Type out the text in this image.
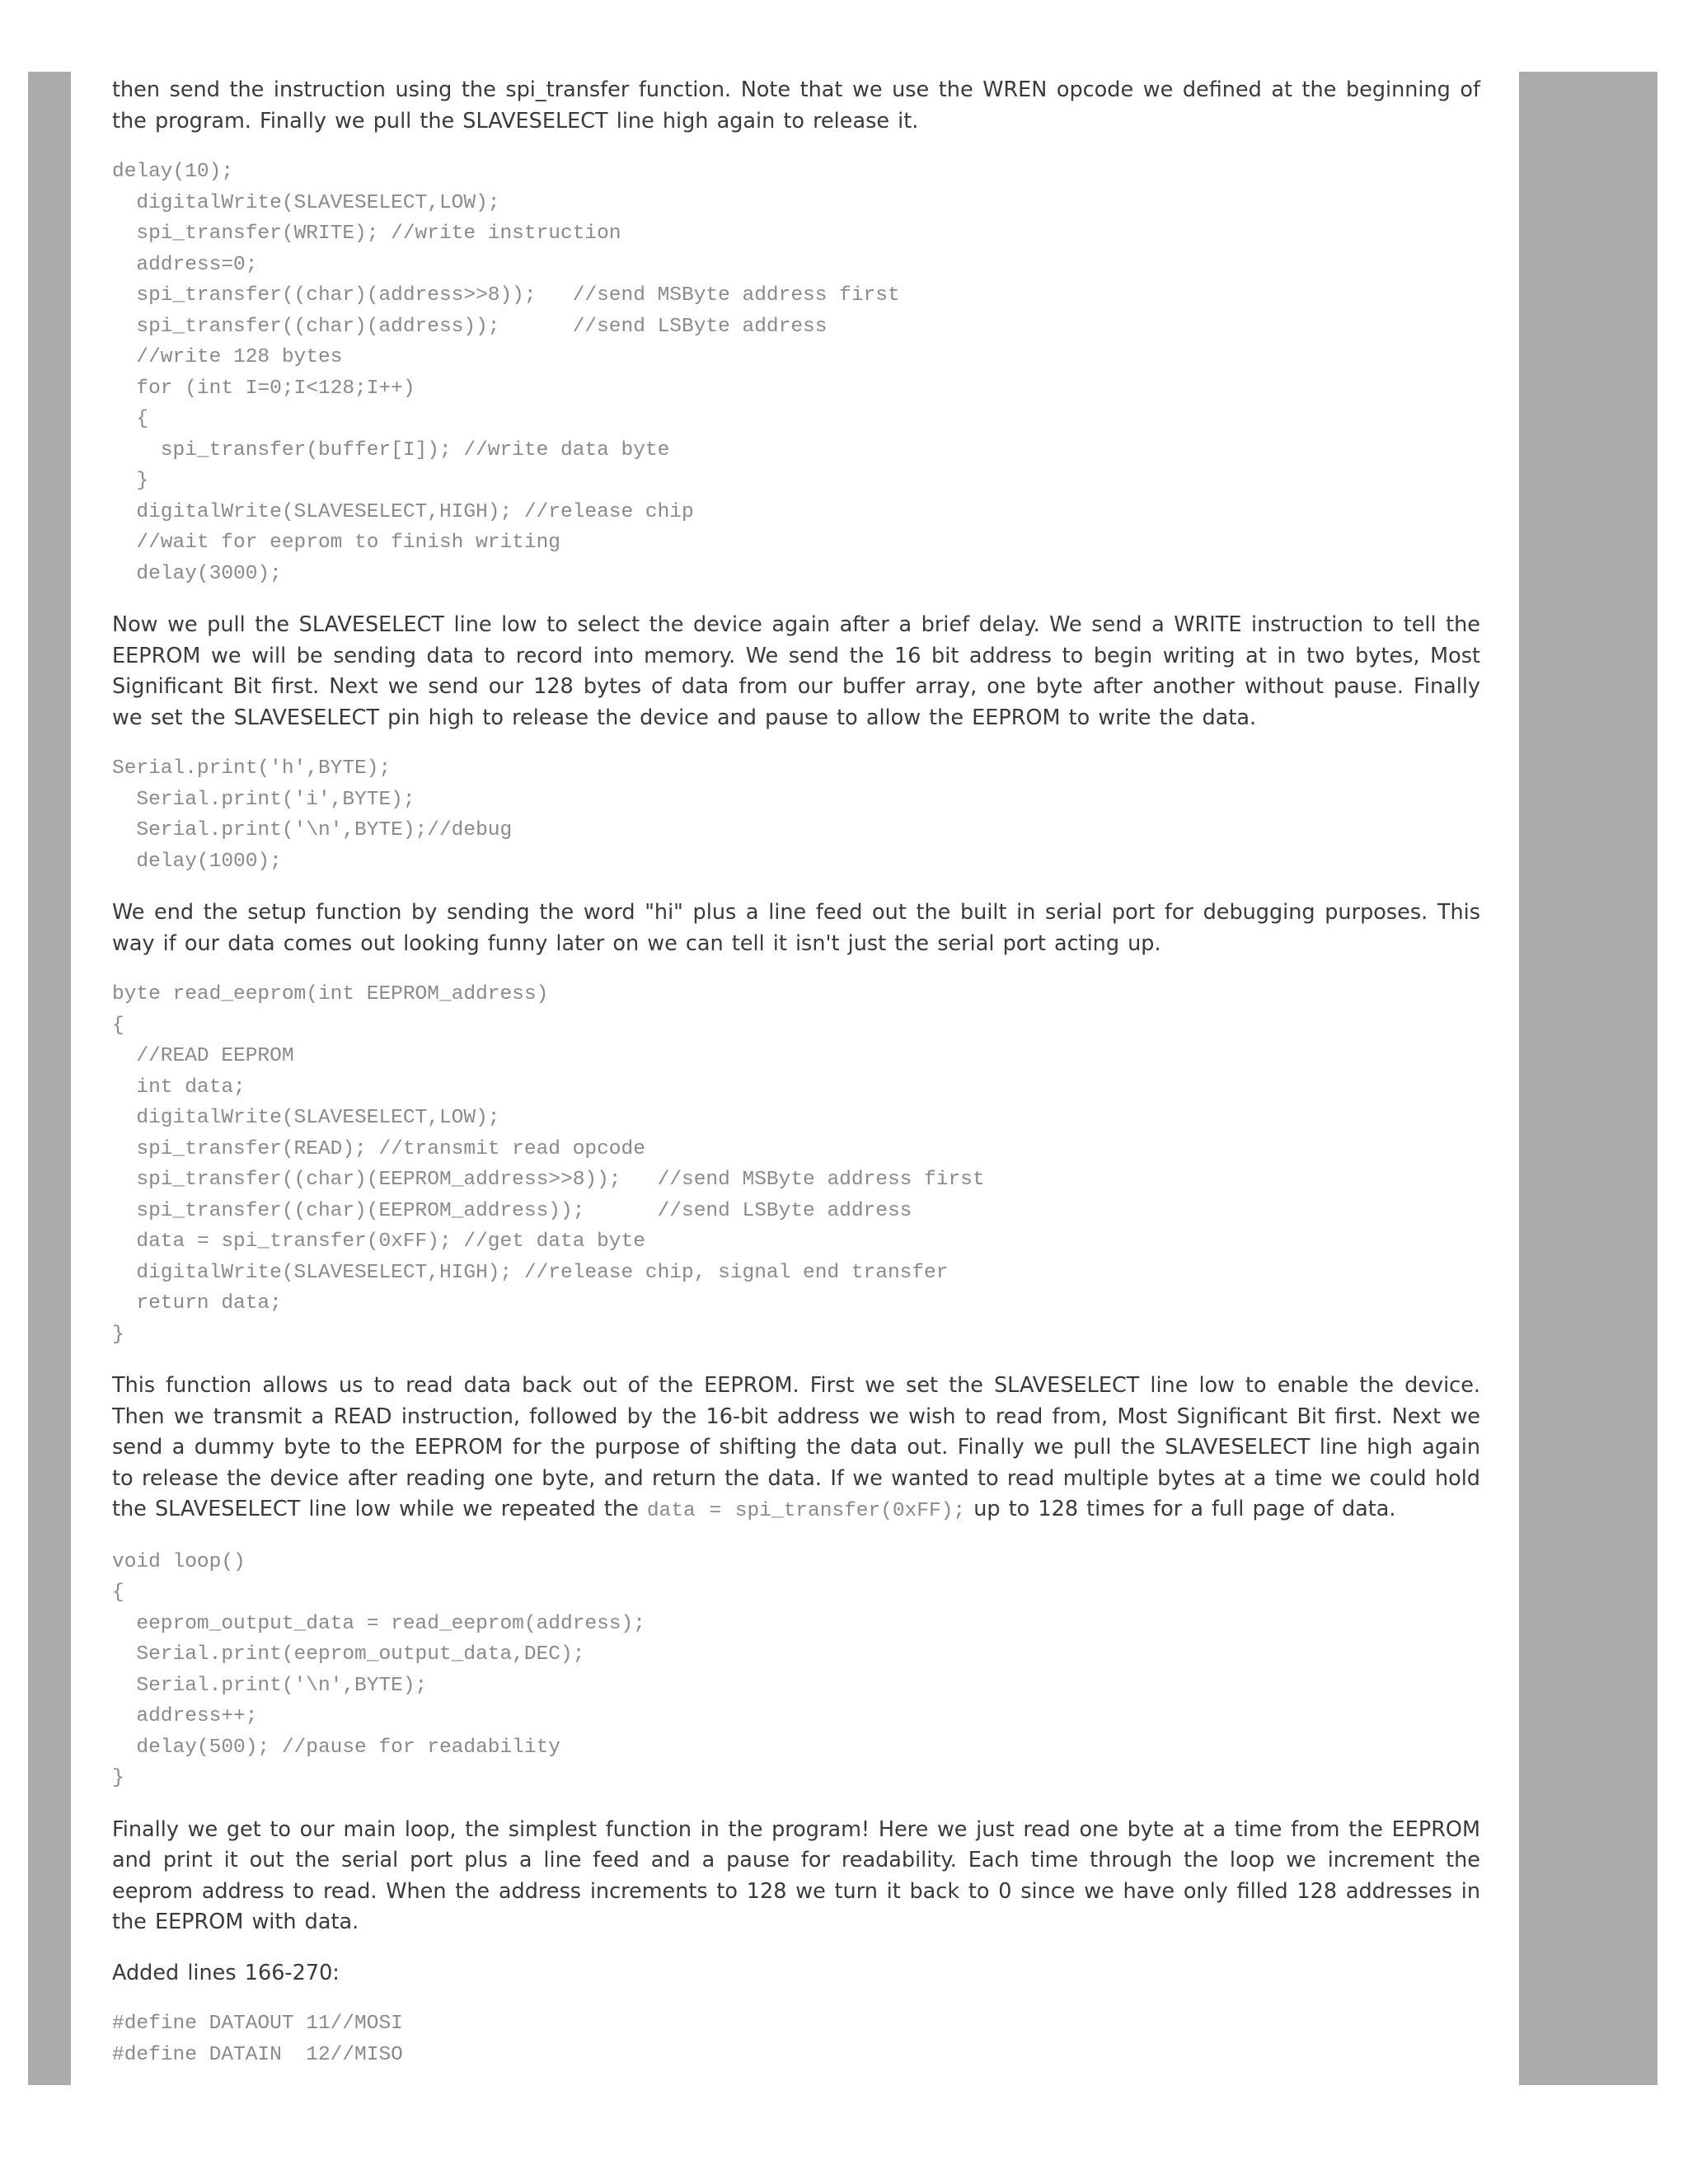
then send the instruction using the spi_transfer function. Note that we use the WREN opcode we defined at the beginning of the program. Finally we pull the SLAVESELECT line high again to release it.

delay(10);
digitalWrite(SLAVESELECT,LOW);
spi_transfer(WRITE); //write instruction
address=0;
spi_transfer((char)(address>>8));   //send MSByte address first
spi_transfer((char)(address));      //send LSByte address
//write 128 bytes
for (int I=0;I<128;I++)
{
spi_transfer(buffer[I]); //write data byte
}
digitalWrite(SLAVESELECT,HIGH); //release chip
//wait for eeprom to finish writing
delay(3000);

Now we pull the SLAVESELECT line low to select the device again after a brief delay. We send a WRITE instruction to tell the EEPROM we will be sending data to record into memory. We send the 16 bit address to begin writing at in two bytes, Most Significant Bit first. Next we send our 128 bytes of data from our buffer array, one byte after another without pause. Finally we set the SLAVESELECT pin high to release the device and pause to allow the EEPROM to write the data.

Serial.print('h',BYTE);
Serial.print('i',BYTE);
Serial.print('\n',BYTE);//debug
delay(1000);

We end the setup function by sending the word "hi" plus a line feed out the built in serial port for debugging purposes. This way if our data comes out looking funny later on we can tell it isn't just the serial port acting up.

byte read_eeprom(int EEPROM_address)
{
//READ EEPROM
int data;
digitalWrite(SLAVESELECT,LOW);
spi_transfer(READ); //transmit read opcode
spi_transfer((char)(EEPROM_address>>8));   //send MSByte address first
spi_transfer((char)(EEPROM_address));      //send LSByte address
data = spi_transfer(0xFF); //get data byte
digitalWrite(SLAVESELECT,HIGH); //release chip, signal end transfer
return data;
}

This function allows us to read data back out of the EEPROM. First we set the SLAVESELECT line low to enable the device. Then we transmit a READ instruction, followed by the 16-bit address we wish to read from, Most Significant Bit first. Next we send a dummy byte to the EEPROM for the purpose of shifting the data out. Finally we pull the SLAVESELECT line high again to release the device after reading one byte, and return the data. If we wanted to read multiple bytes at a time we could hold the SLAVESELECT line low while we repeated the data = spi_transfer(0xFF); up to 128 times for a full page of data.

void loop()
{
eeprom_output_data = read_eeprom(address);
Serial.print(eeprom_output_data,DEC);
Serial.print('\n',BYTE);
address++;
delay(500); //pause for readability
}

Finally we get to our main loop, the simplest function in the program! Here we just read one byte at a time from the EEPROM and print it out the serial port plus a line feed and a pause for readability. Each time through the loop we increment the eeprom address to read. When the address increments to 128 we turn it back to 0 since we have only filled 128 addresses in the EEPROM with data.

Added lines 166-270:

#define DATAOUT 11//MOSI
#define DATAIN  12//MISO
